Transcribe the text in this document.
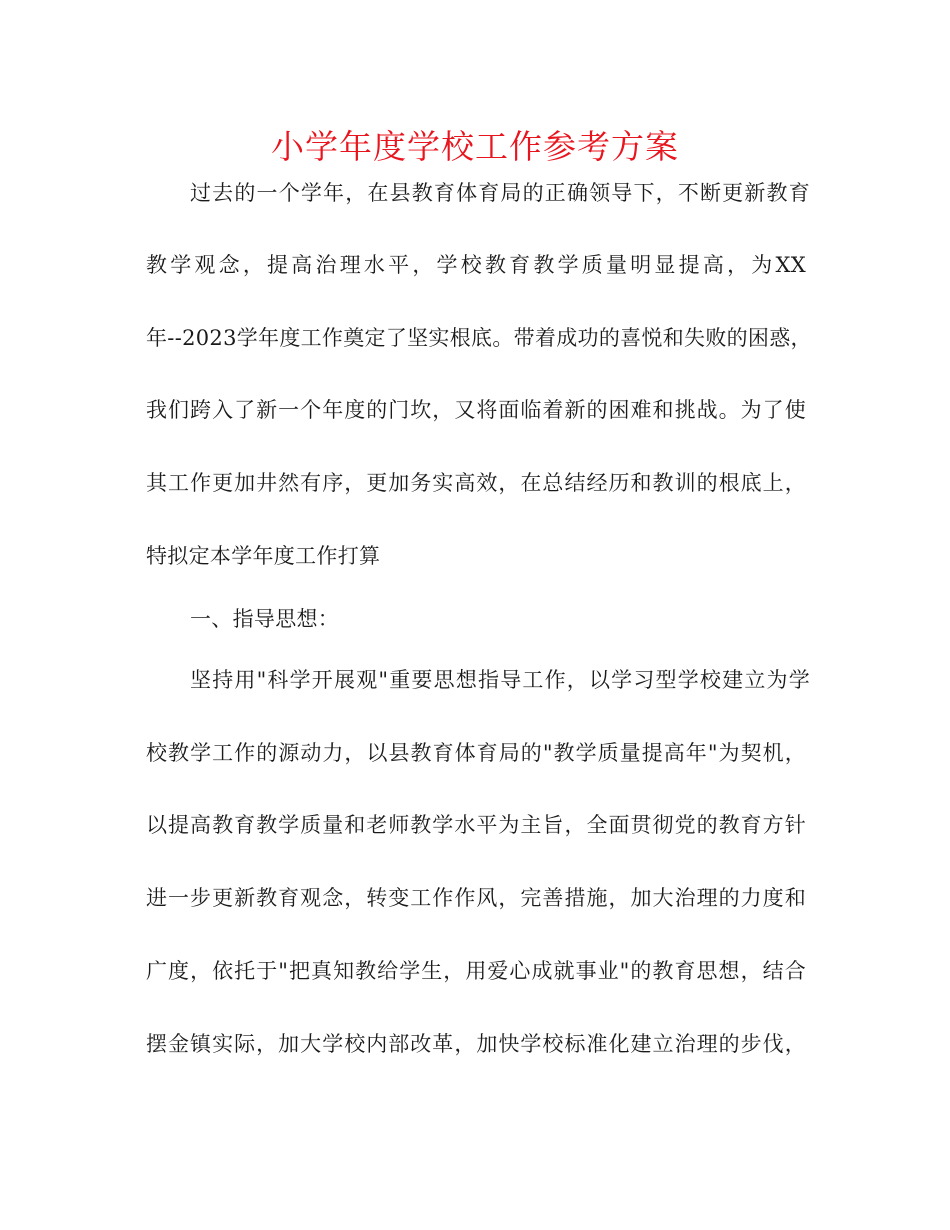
小学年度学校工作参考方案
过去的一个学年，在县教育体育局的正确领导下，不断更新教育
教学观念，提高治理水平，学校教育教学质量明显提高，为XX
年--2023学年度工作奠定了坚实根底。带着成功的喜悦和失败的困惑，
我们跨入了新一个年度的门坎，又将面临着新的困难和挑战。为了使
其工作更加井然有序，更加务实高效，在总结经历和教训的根底上，
特拟定本学年度工作打算
一、指导思想：
坚持用"科学开展观"重要思想指导工作，以学习型学校建立为学
校教学工作的源动力，以县教育体育局的"教学质量提高年"为契机，
以提高教育教学质量和老师教学水平为主旨，全面贯彻党的教育方针
进一步更新教育观念，转变工作作风，完善措施，加大治理的力度和
广度，依托于"把真知教给学生，用爱心成就事业"的教育思想，结合
摆金镇实际，加大学校内部改革，加快学校标准化建立治理的步伐，
